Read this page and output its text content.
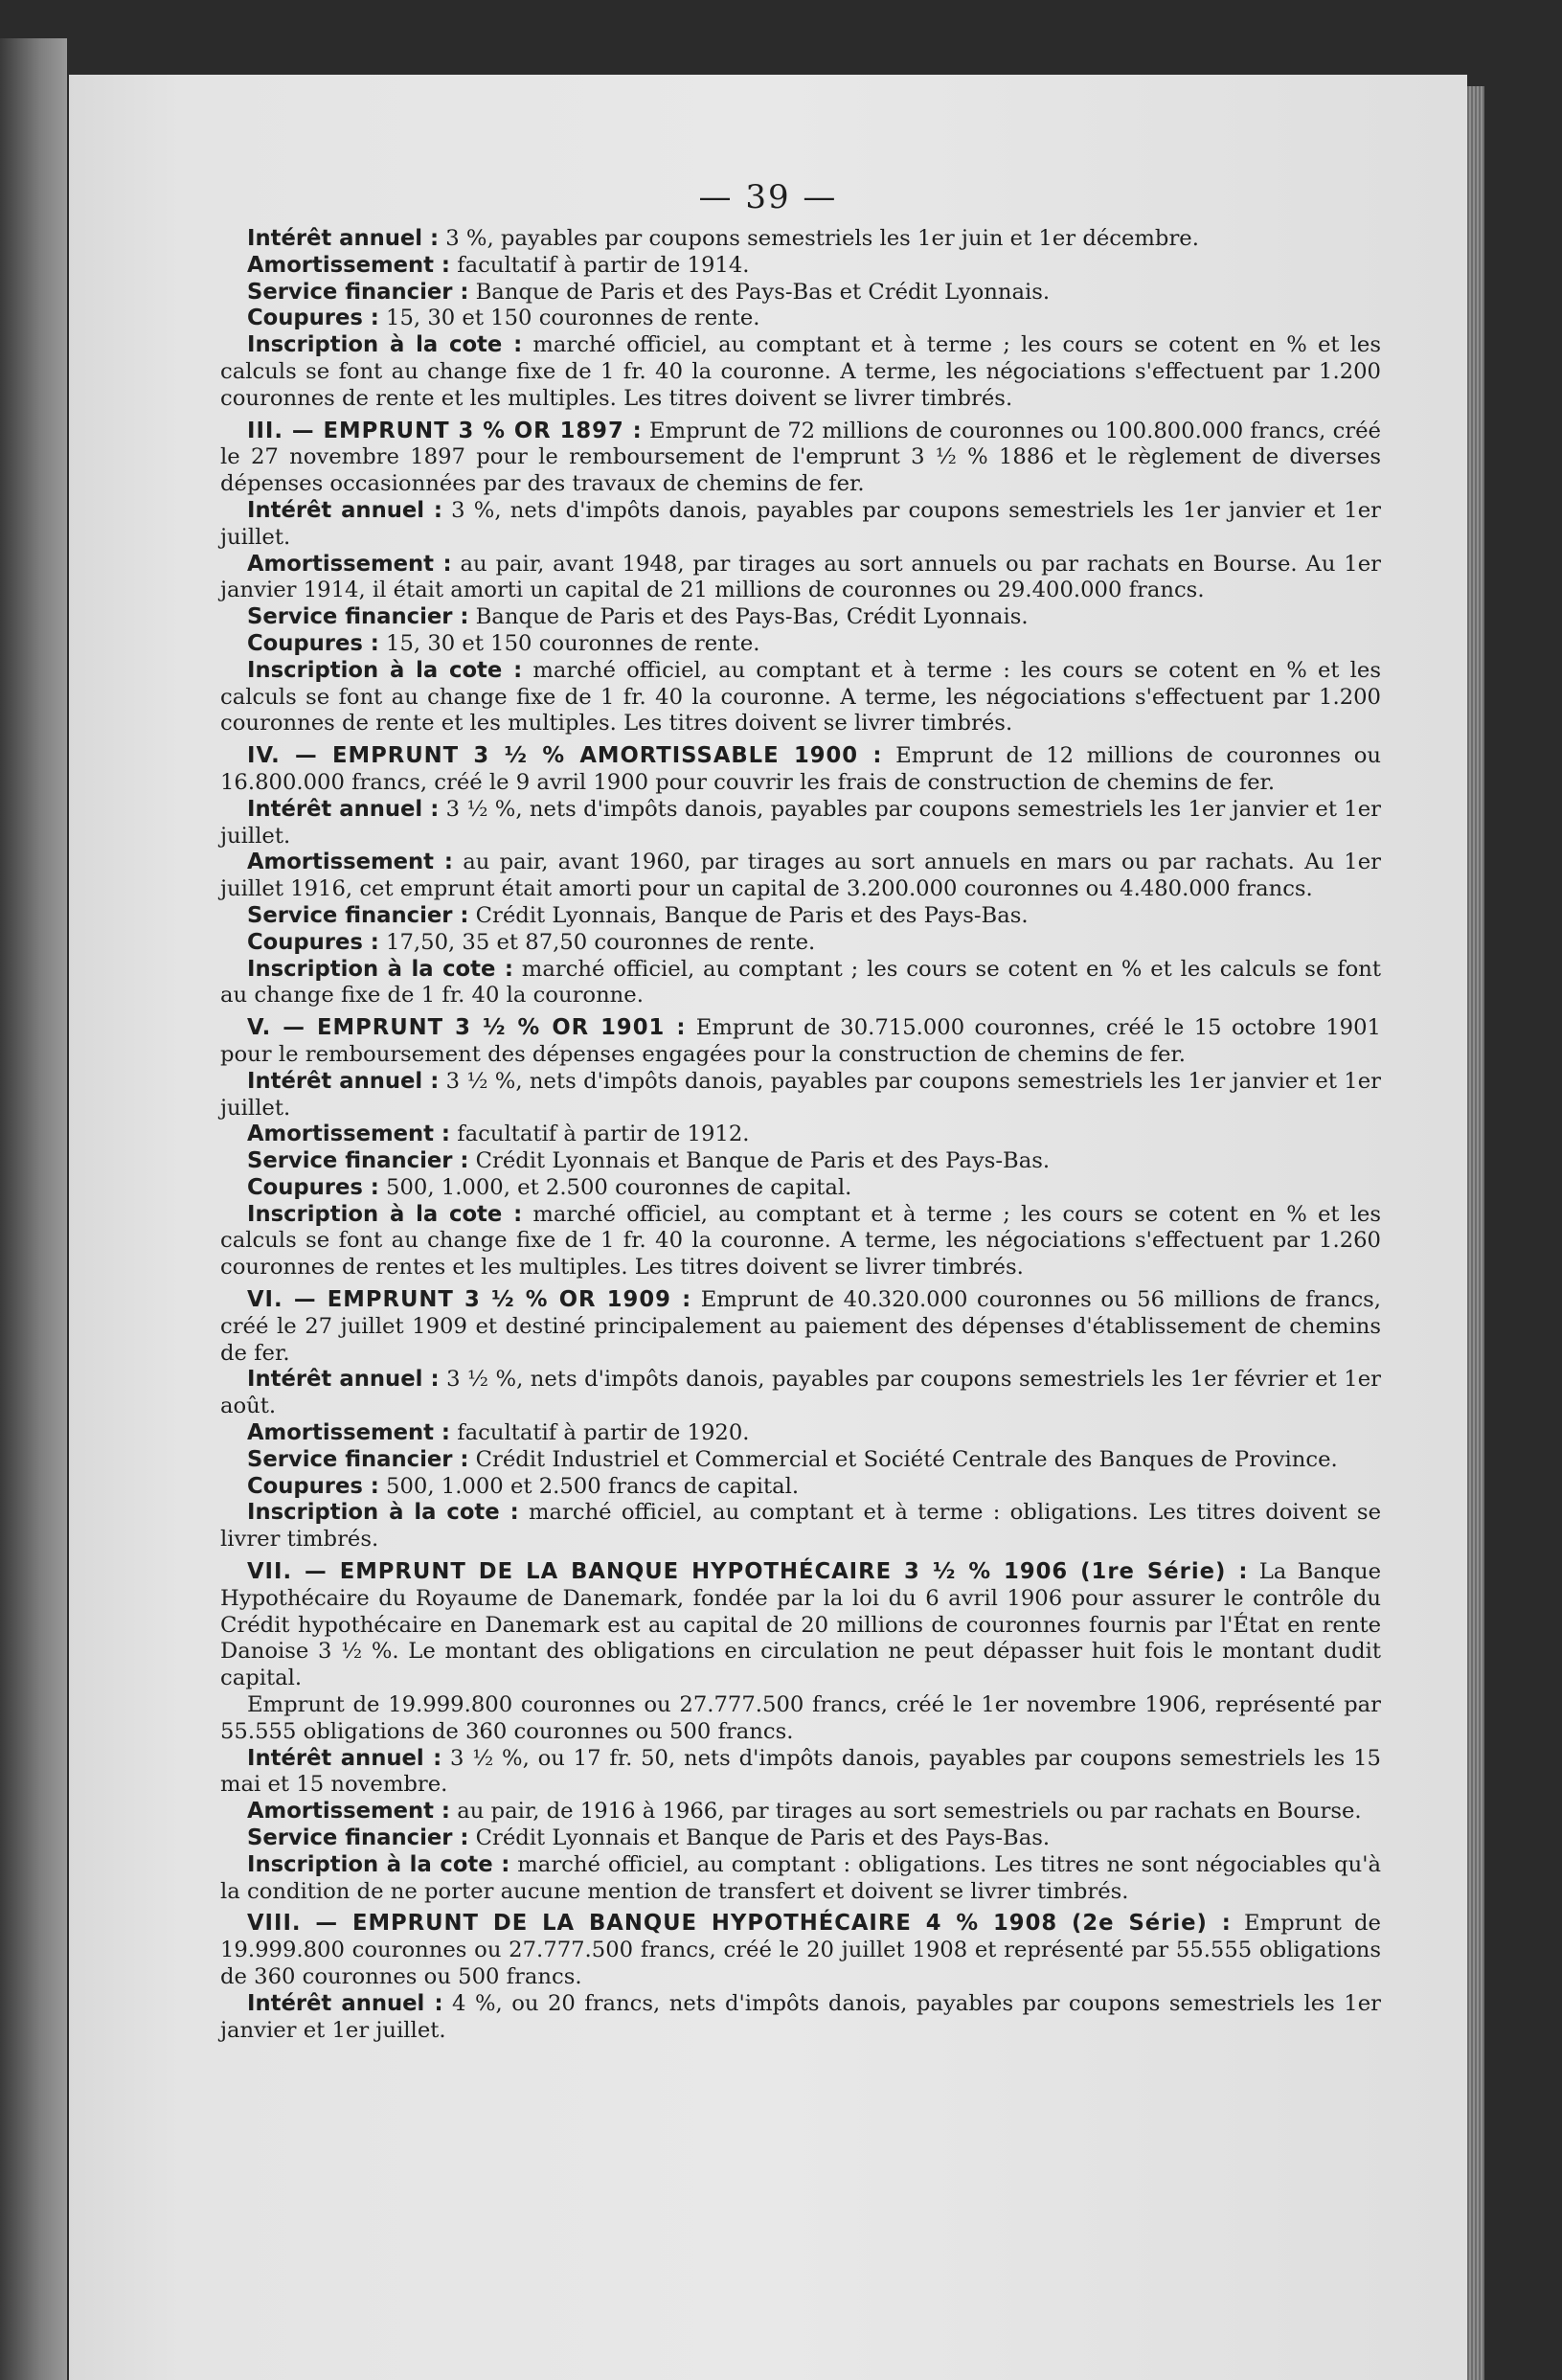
— 39 —

Intérêt annuel : 3 %, payables par coupons semestriels les 1er juin et 1er décembre.

Amortissement : facultatif à partir de 1914.

Service financier : Banque de Paris et des Pays-Bas et Crédit Lyonnais.

Coupures : 15, 30 et 150 couronnes de rente.

Inscription à la cote : marché officiel, au comptant et à terme ; les cours se cotent en % et les calculs se font au change fixe de 1 fr. 40 la couronne. A terme, les négociations s'effectuent par 1.200 couronnes de rente et les multiples. Les titres doivent se livrer timbrés.

III. — EMPRUNT 3 % OR 1897 : Emprunt de 72 millions de couronnes ou 100.800.000 francs, créé le 27 novembre 1897 pour le remboursement de l'emprunt 3 ½ % 1886 et le règlement de diverses dépenses occasionnées par des travaux de chemins de fer.

Intérêt annuel : 3 %, nets d'impôts danois, payables par coupons semestriels les 1er janvier et 1er juillet.

Amortissement : au pair, avant 1948, par tirages au sort annuels ou par rachats en Bourse. Au 1er janvier 1914, il était amorti un capital de 21 millions de couronnes ou 29.400.000 francs.

Service financier : Banque de Paris et des Pays-Bas, Crédit Lyonnais.

Coupures : 15, 30 et 150 couronnes de rente.

Inscription à la cote : marché officiel, au comptant et à terme : les cours se cotent en % et les calculs se font au change fixe de 1 fr. 40 la couronne. A terme, les négociations s'effectuent par 1.200 couronnes de rente et les multiples. Les titres doivent se livrer timbrés.

IV. — EMPRUNT 3 ½ % AMORTISSABLE 1900 : Emprunt de 12 millions de couronnes ou 16.800.000 francs, créé le 9 avril 1900 pour couvrir les frais de construction de chemins de fer.

Intérêt annuel : 3 ½ %, nets d'impôts danois, payables par coupons semestriels les 1er janvier et 1er juillet.

Amortissement : au pair, avant 1960, par tirages au sort annuels en mars ou par rachats. Au 1er juillet 1916, cet emprunt était amorti pour un capital de 3.200.000 couronnes ou 4.480.000 francs.

Service financier : Crédit Lyonnais, Banque de Paris et des Pays-Bas.

Coupures : 17,50, 35 et 87,50 couronnes de rente.

Inscription à la cote : marché officiel, au comptant ; les cours se cotent en % et les calculs se font au change fixe de 1 fr. 40 la couronne.

V. — EMPRUNT 3 ½ % OR 1901 : Emprunt de 30.715.000 couronnes, créé le 15 octobre 1901 pour le remboursement des dépenses engagées pour la construction de chemins de fer.

Intérêt annuel : 3 ½ %, nets d'impôts danois, payables par coupons semestriels les 1er janvier et 1er juillet.

Amortissement : facultatif à partir de 1912.

Service financier : Crédit Lyonnais et Banque de Paris et des Pays-Bas.

Coupures : 500, 1.000, et 2.500 couronnes de capital.

Inscription à la cote : marché officiel, au comptant et à terme ; les cours se cotent en % et les calculs se font au change fixe de 1 fr. 40 la couronne. A terme, les négociations s'effectuent par 1.260 couronnes de rentes et les multiples. Les titres doivent se livrer timbrés.

VI. — EMPRUNT 3 ½ % OR 1909 : Emprunt de 40.320.000 couronnes ou 56 millions de francs, créé le 27 juillet 1909 et destiné principalement au paiement des dépenses d'établissement de chemins de fer.

Intérêt annuel : 3 ½ %, nets d'impôts danois, payables par coupons semestriels les 1er février et 1er août.

Amortissement : facultatif à partir de 1920.

Service financier : Crédit Industriel et Commercial et Société Centrale des Banques de Province.

Coupures : 500, 1.000 et 2.500 francs de capital.

Inscription à la cote : marché officiel, au comptant et à terme : obligations. Les titres doivent se livrer timbrés.

VII. — EMPRUNT DE LA BANQUE HYPOTHÉCAIRE 3 ½ % 1906 (1re Série) : La Banque Hypothécaire du Royaume de Danemark, fondée par la loi du 6 avril 1906 pour assurer le contrôle du Crédit hypothécaire en Danemark est au capital de 20 millions de couronnes fournis par l'État en rente Danoise 3 ½ %. Le montant des obligations en circulation ne peut dépasser huit fois le montant dudit capital.

Emprunt de 19.999.800 couronnes ou 27.777.500 francs, créé le 1er novembre 1906, représenté par 55.555 obligations de 360 couronnes ou 500 francs.

Intérêt annuel : 3 ½ %, ou 17 fr. 50, nets d'impôts danois, payables par coupons semestriels les 15 mai et 15 novembre.

Amortissement : au pair, de 1916 à 1966, par tirages au sort semestriels ou par rachats en Bourse.

Service financier : Crédit Lyonnais et Banque de Paris et des Pays-Bas.

Inscription à la cote : marché officiel, au comptant : obligations. Les titres ne sont négociables qu'à la condition de ne porter aucune mention de transfert et doivent se livrer timbrés.

VIII. — EMPRUNT DE LA BANQUE HYPOTHÉCAIRE 4 % 1908 (2e Série) : Emprunt de 19.999.800 couronnes ou 27.777.500 francs, créé le 20 juillet 1908 et représenté par 55.555 obligations de 360 couronnes ou 500 francs.

Intérêt annuel : 4 %, ou 20 francs, nets d'impôts danois, payables par coupons semestriels les 1er janvier et 1er juillet.
